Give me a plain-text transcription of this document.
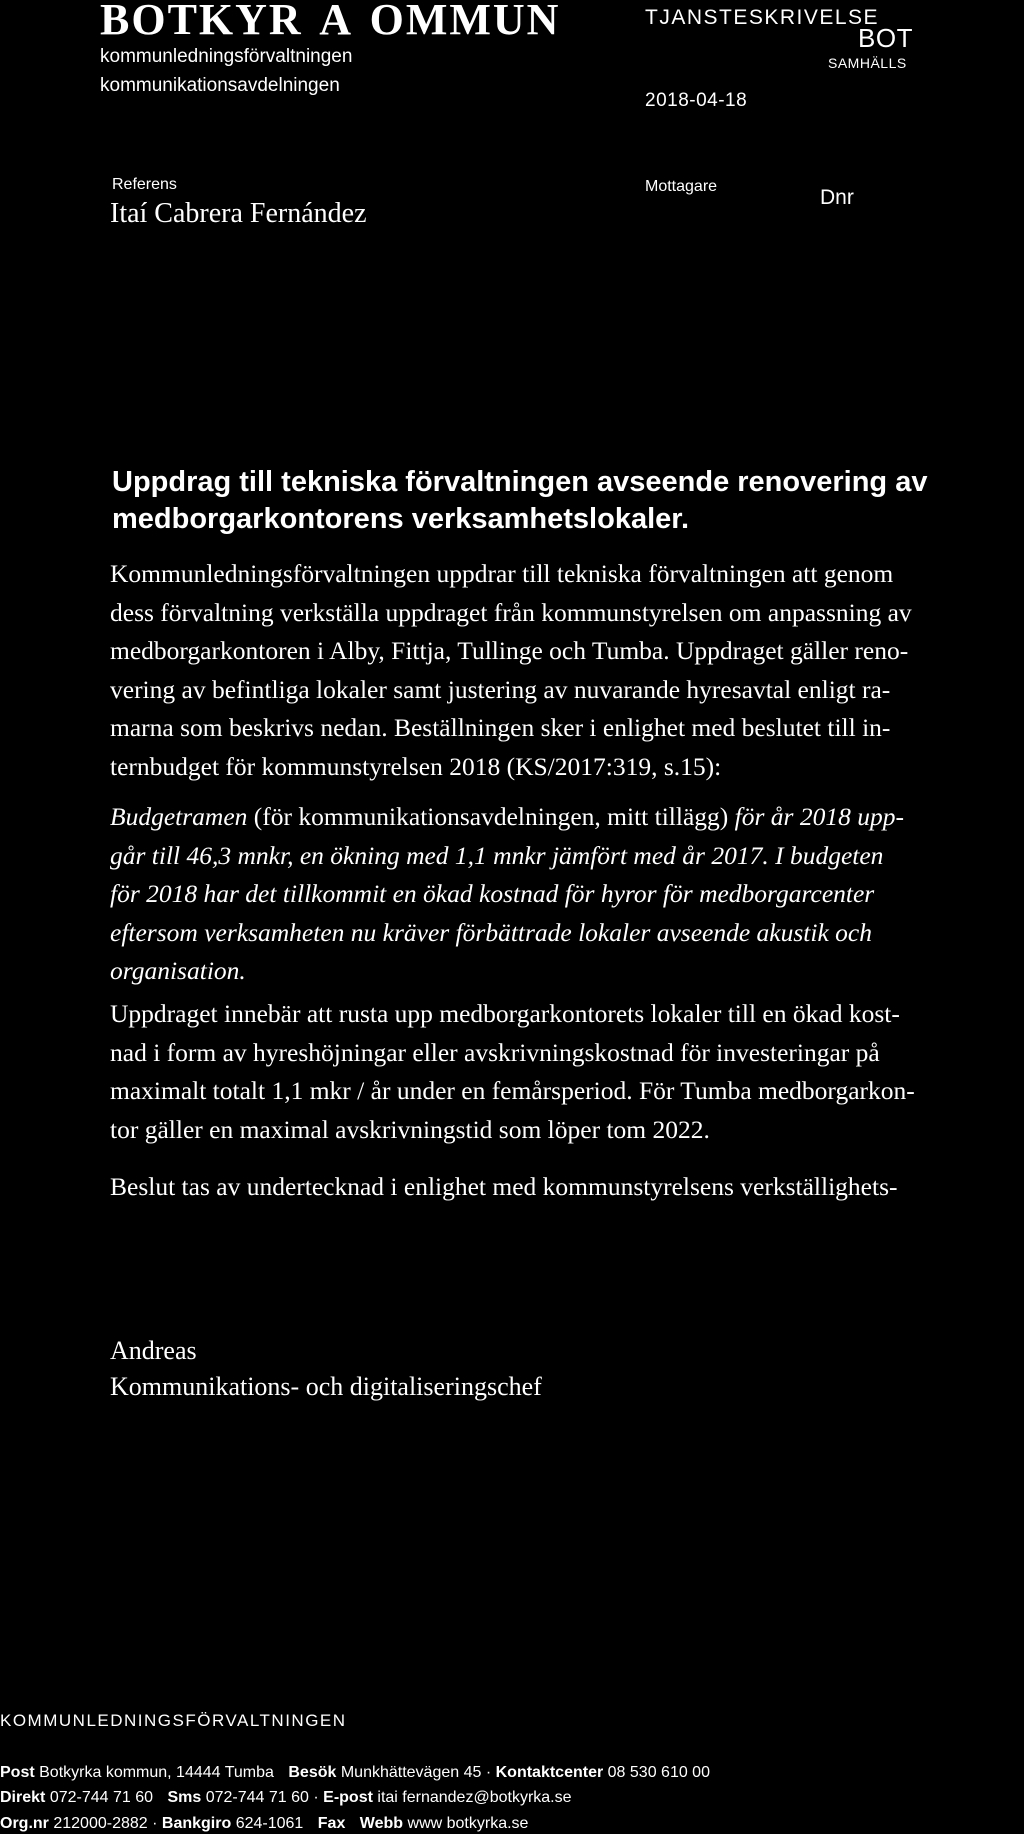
BOTKYR A OMMUN
kommunledningsförvaltningen
kommunikationsavdelningen
TJANSTESKRIVELSE
BOT
SAMHÄLLS
2018-04-18
Referens
Itaí Cabrera Fernández
Mottagare	Dnr
Uppdrag till tekniska förvaltningen avseende renovering av
medborgarkontorens verksamhetslokaler.
Kommunledningsförvaltningen uppdrar till tekniska förvaltningen att genom
dess förvaltning verkställa uppdraget från kommunstyrelsen om anpassning av
medborgarkontoren i Alby, Fittja, Tullinge och Tumba. Uppdraget gäller reno-
vering av befintliga lokaler samt justering av nuvarande hyresavtal enligt ra-
marna som beskrivs nedan. Beställningen sker i enlighet med beslutet till in-
ternbudget för kommunstyrelsen 2018 (KS/2017:319, s.15):
Budgetramen (för kommunikationsavdelningen, mitt tillägg) för år 2018 upp-
går till 46,3 mnkr, en ökning med 1,1 mnkr jämfört med år 2017. I budgeten
för 2018 har det tillkommit en ökad kostnad för hyror för medborgarcenter
eftersom verksamheten nu kräver förbättrade lokaler avseende akustik och
organisation.
Uppdraget innebär att rusta upp medborgarkontorets lokaler till en ökad kost-
nad i form av hyreshöjningar eller avskrivningskostnad för investeringar på
maximalt totalt 1,1 mkr / år under en femårsperiod. För Tumba medborgarkon-
tor gäller en maximal avskrivningstid som löper tom 2022.
Beslut tas av undertecknad i enlighet med kommunstyrelsens verkställighets-
Andreas
Kommunikations- och digitaliseringschef
KOMMUNLEDNINGSFÖRVALTNINGEN
Post Botkyrka kommun, 14444 Tumba Besök Munkhättevägen 45 · Kontaktcenter 08 530 610 00
Direkt 072-744 71 60 Sms 072-744 71 60 · E-post itai fernandez@botkyrka.se
Org.nr 212000-2882 · Bankgiro 624-1061 Fax Webb www botkyrka.se
